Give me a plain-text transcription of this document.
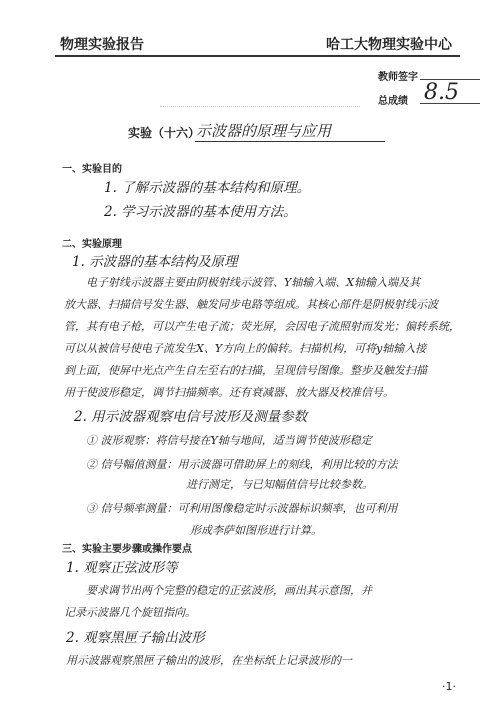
物理实验报告	哈工大物理实验中心
教师签字
总成绩 8.5
实验（十六）
示波器的原理与应用
一、实验目的
1. 了解示波器的基本结构和原理。
2. 学习示波器的基本使用方法。
二、实验原理
1. 示波器的基本结构及原理
电子射线示波器主要由阴极射线示波管、Y轴输入端、X轴输入端及其
放大器、扫描信号发生器、触发同步电路等组成。其核心部件是阴极射线示波
管，其有电子枪，可以产生电子流；荧光屏，会因电子流照射而发光；偏转系统，
可以从被信号使电子流发生X、Y方向上的偏转。扫描机构，可将y轴输入接
到上面，使屏中光点产生自左至右的扫描，呈现信号图像。整步及触发扫描
用于使波形稳定，调节扫描频率。还有衰减器、放大器及校准信号。
2. 用示波器观察电信号波形及测量参数
① 波形观察：将信号接在Y轴与地间，适当调节使波形稳定
② 信号幅值测量：用示波器可借助屏上的刻线，利用比较的方法
进行测定，与已知幅值信号比较参数。
③ 信号频率测量：可利用图像稳定时示波器标识频率，也可利用
形成李萨如图形进行计算。
三、实验主要步骤或操作要点
1. 观察正弦波形等
要求调节出两个完整的稳定的正弦波形，画出其示意图，并
记录示波器几个旋钮指向。
2. 观察黑匣子输出波形
用示波器观察黑匣子输出的波形，在坐标纸上记录波形的一
·1·
